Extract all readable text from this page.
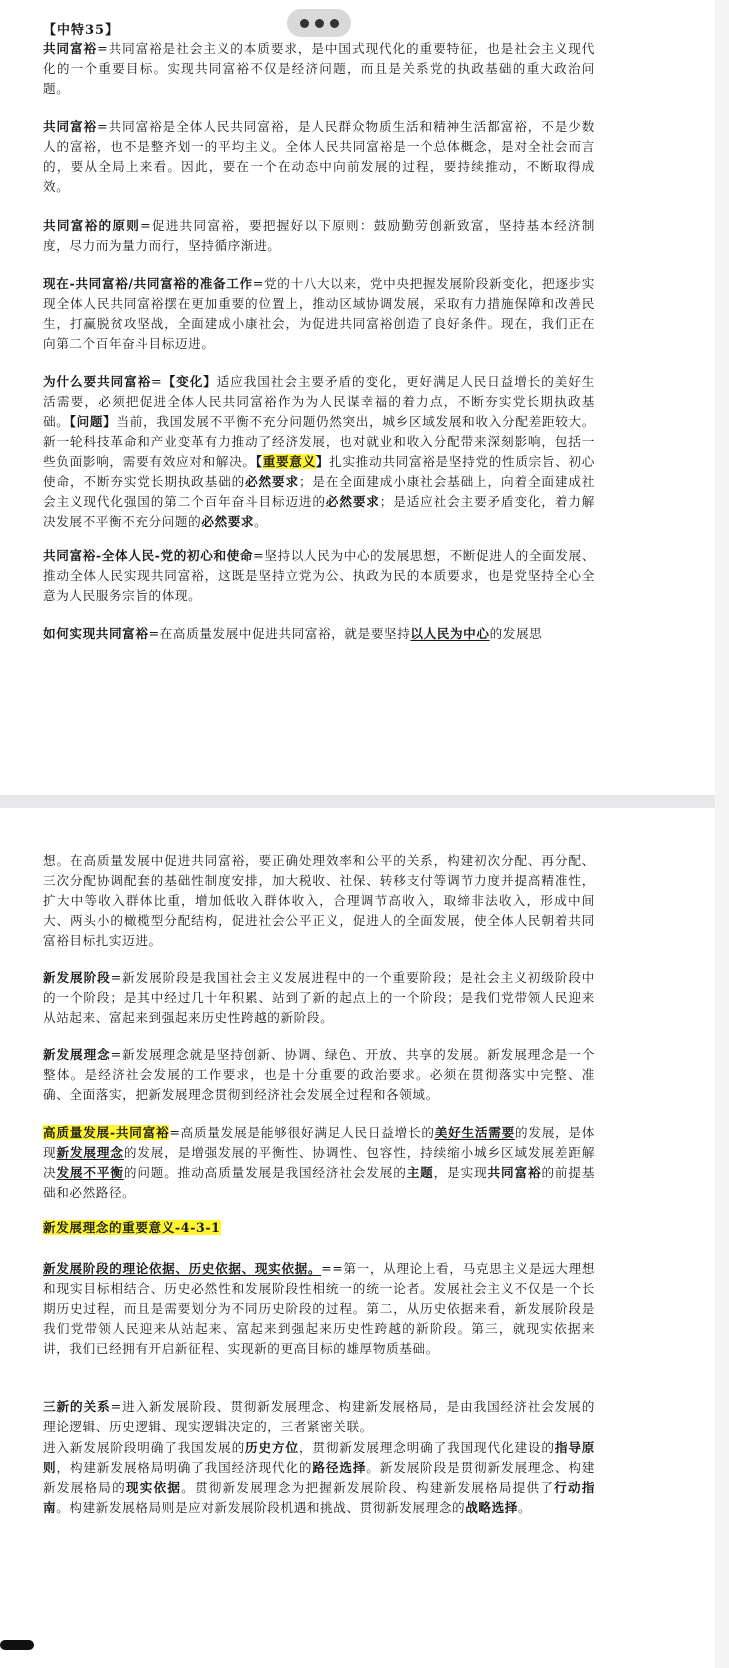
【中特35】
共同富裕=共同富裕是社会主义的本质要求，是中国式现代化的重要特征，也是社会主义现代化的一个重要目标。实现共同富裕不仅是经济问题，而且是关系党的执政基础的重大政治问题。
共同富裕=共同富裕是全体人民共同富裕，是人民群众物质生活和精神生活都富裕，不是少数人的富裕，也不是整齐划一的平均主义。全体人民共同富裕是一个总体概念，是对全社会而言的，要从全局上来看。因此，要在一个在动态中向前发展的过程，要持续推动，不断取得成效。
共同富裕的原则=促进共同富裕，要把握好以下原则：鼓励勤劳创新致富，坚持基本经济制度，尽力而为量力而行，坚持循序渐进。
现在-共同富裕/共同富裕的准备工作=党的十八大以来，党中央把握发展阶段新变化，把逐步实现全体人民共同富裕摆在更加重要的位置上，推动区域协调发展，采取有力措施保障和改善民生，打赢脱贫攻坚战，全面建成小康社会，为促进共同富裕创造了良好条件。现在，我们正在向第二个百年奋斗目标迈进。
为什么要共同富裕=【变化】适应我国社会主要矛盾的变化，更好满足人民日益增长的美好生活需要，必须把促进全体人民共同富裕作为为人民谋幸福的着力点，不断夯实党长期执政基础。【问题】当前，我国发展不平衡不充分问题仍然突出，城乡区域发展和收入分配差距较大。新一轮科技革命和产业变革有力推动了经济发展，也对就业和收入分配带来深刻影响，包括一些负面影响，需要有效应对和解决。【重要意义】扎实推动共同富裕是坚持党的性质宗旨、初心使命，不断夯实党长期执政基础的必然要求；是在全面建成小康社会基础上，向着全面建成社会主义现代化强国的第二个百年奋斗目标迈进的必然要求；是适应社会主要矛盾变化，着力解决发展不平衡不充分问题的必然要求。
共同富裕-全体人民-党的初心和使命=坚持以人民为中心的发展思想，不断促进人的全面发展、推动全体人民实现共同富裕，这既是坚持立党为公、执政为民的本质要求，也是党坚持全心全意为人民服务宗旨的体现。
如何实现共同富裕=在高质量发展中促进共同富裕，就是要坚持以人民为中心的发展思
想。在高质量发展中促进共同富裕，要正确处理效率和公平的关系，构建初次分配、再分配、三次分配协调配套的基础性制度安排，加大税收、社保、转移支付等调节力度并提高精准性，扩大中等收入群体比重，增加低收入群体收入，合理调节高收入，取缔非法收入，形成中间大、两头小的橄榄型分配结构，促进社会公平正义，促进人的全面发展，使全体人民朝着共同富裕目标扎实迈进。
新发展阶段=新发展阶段是我国社会主义发展进程中的一个重要阶段；是社会主义初级阶段中的一个阶段；是其中经过几十年积累、站到了新的起点上的一个阶段；是我们党带领人民迎来从站起来、富起来到强起来历史性跨越的新阶段。
新发展理念=新发展理念就是坚持创新、协调、绿色、开放、共享的发展。新发展理念是一个整体。是经济社会发展的工作要求，也是十分重要的政治要求。必须在贯彻落实中完整、准确、全面落实，把新发展理念贯彻到经济社会发展全过程和各领域。
高质量发展-共同富裕=高质量发展是能够很好满足人民日益增长的美好生活需要的发展，是体现新发展理念的发展，是增强发展的平衡性、协调性、包容性，持续缩小城乡区域发展差距解决发展不平衡的问题。推动高质量发展是我国经济社会发展的主题，是实现共同富裕的前提基础和必然路径。
新发展理念的重要意义-4-3-1
新发展阶段的理论依据、历史依据、现实依据。==第一，从理论上看，马克思主义是远大理想和现实目标相结合、历史必然性和发展阶段性相统一的统一论者。发展社会主义不仅是一个长期历史过程，而且是需要划分为不同历史阶段的过程。第二，从历史依据来看，新发展阶段是我们党带领人民迎来从站起来、富起来到强起来历史性跨越的新阶段。第三，就现实依据来讲，我们已经拥有开启新征程、实现新的更高目标的雄厚物质基础。
三新的关系=进入新发展阶段、贯彻新发展理念、构建新发展格局，是由我国经济社会发展的理论逻辑、历史逻辑、现实逻辑决定的，三者紧密关联。
进入新发展阶段明确了我国发展的历史方位，贯彻新发展理念明确了我国现代化建设的指导原则，构建新发展格局明确了我国经济现代化的路径选择。新发展阶段是贯彻新发展理念、构建新发展格局的现实依据。贯彻新发展理念为把握新发展阶段、构建新发展格局提供了行动指南。构建新发展格局则是应对新发展阶段机遇和挑战、贯彻新发展理念的战略选择。
